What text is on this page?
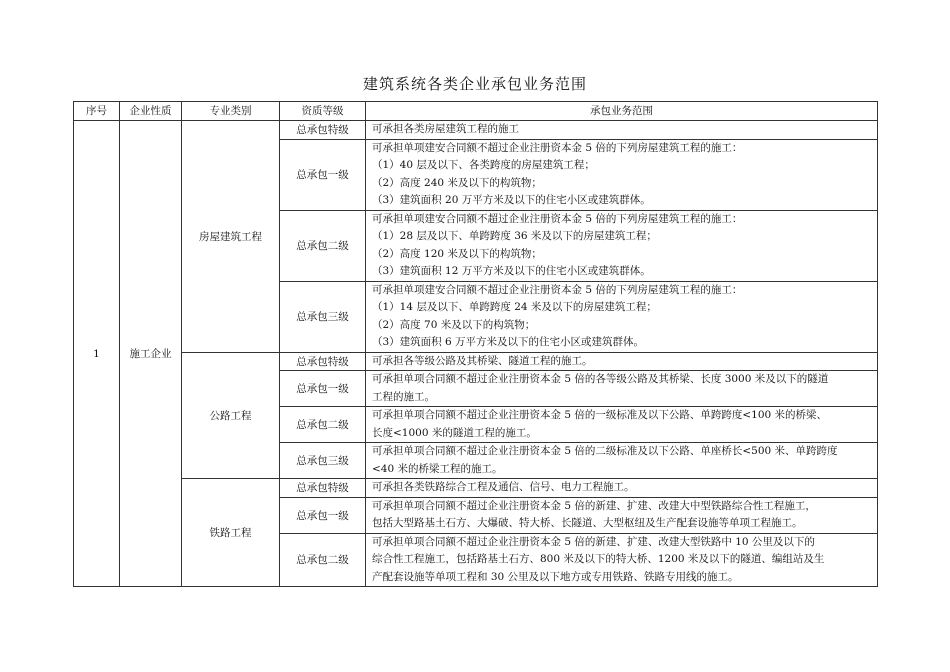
建筑系统各类企业承包业务范围
序号	企业性质	专业类别	资质等级	承包业务范围
1	施工企业	房屋建筑工程	总承包特级	可承担各类房屋建筑工程的施工

			总承包一级	可承担单项建安合同额不超过企业注册资本金 5 倍的下列房屋建筑工程的施工：
（1）40 层及以下、各类跨度的房屋建筑工程；
（2）高度 240 米及以下的构筑物；
（3）建筑面积 20 万平方米及以下的住宅小区或建筑群体。

			总承包二级	可承担单项建安合同额不超过企业注册资本金 5 倍的下列房屋建筑工程的施工：
（1）28 层及以下、单跨跨度 36 米及以下的房屋建筑工程；
（2）高度 120 米及以下的构筑物；
（3）建筑面积 12 万平方米及以下的住宅小区或建筑群体。

			总承包三级	可承担单项建安合同额不超过企业注册资本金 5 倍的下列房屋建筑工程的施工：
（1）14 层及以下、单跨跨度 24 米及以下的房屋建筑工程；
（2）高度 70 米及以下的构筑物；
（3）建筑面积 6 万平方米及以下的住宅小区或建筑群体。

		公路工程	总承包特级	可承担各等级公路及其桥梁、隧道工程的施工。

			总承包一级	可承担单项合同额不超过企业注册资本金 5 倍的各等级公路及其桥梁、长度 3000 米及以下的隧道
工程的施工。

			总承包二级	可承担单项合同额不超过企业注册资本金 5 倍的一级标准及以下公路、单跨跨度<100 米的桥梁、
长度<1000 米的隧道工程的施工。

			总承包三级	可承担单项合同额不超过企业注册资本金 5 倍的二级标准及以下公路、单座桥长<500 米、单跨跨度
<40 米的桥梁工程的施工。

		铁路工程	总承包特级	可承担各类铁路综合工程及通信、信号、电力工程施工。

			总承包一级	可承担单项合同额不超过企业注册资本金 5 倍的新建、扩建、改建大中型铁路综合性工程施工，
包括大型路基土石方、大爆破、特大桥、长隧道、大型枢纽及生产配套设施等单项工程施工。

			总承包二级	可承担单项合同额不超过企业注册资本金 5 倍的新建、扩建、改建大型铁路中 10 公里及以下的
综合性工程施工，包括路基土石方、800 米及以下的特大桥、1200 米及以下的隧道、编组站及生
产配套设施等单项工程和 30 公里及以下地方或专用铁路、铁路专用线的施工。
